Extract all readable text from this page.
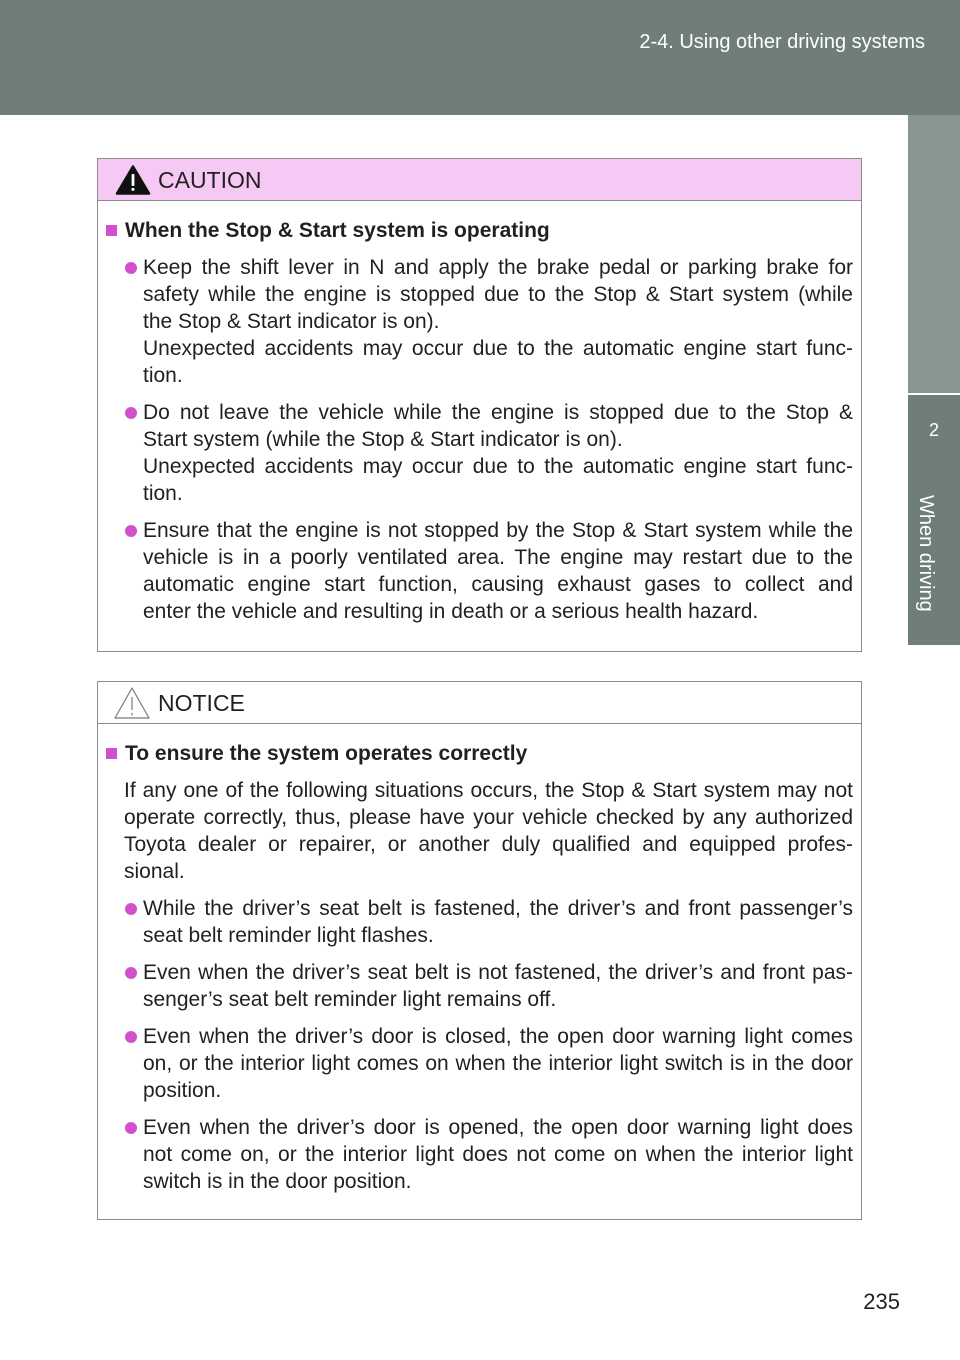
2-4. Using other driving systems
2
When driving
CAUTION
When the Stop & Start system is operating
Keep the shift lever in N and apply the brake pedal or parking brake for
safety while the engine is stopped due to the Stop & Start system (while
the Stop & Start indicator is on).
Unexpected accidents may occur due to the automatic engine start func-
tion.
Do not leave the vehicle while the engine is stopped due to the Stop &
Start system (while the Stop & Start indicator is on).
Unexpected accidents may occur due to the automatic engine start func-
tion.
Ensure that the engine is not stopped by the Stop & Start system while the
vehicle is in a poorly ventilated area. The engine may restart due to the
automatic engine start function, causing exhaust gases to collect and
enter the vehicle and resulting in death or a serious health hazard.
NOTICE
To ensure the system operates correctly
If any one of the following situations occurs, the Stop & Start system may not
operate correctly, thus, please have your vehicle checked by any authorized
Toyota dealer or repairer, or another duly qualified and equipped profes-
sional.
While the driver’s seat belt is fastened, the driver’s and front passenger’s
seat belt reminder light flashes.
Even when the driver’s seat belt is not fastened, the driver’s and front pas-
senger’s seat belt reminder light remains off.
Even when the driver’s door is closed, the open door warning light comes
on, or the interior light comes on when the interior light switch is in the door
position.
Even when the driver’s door is opened, the open door warning light does
not come on, or the interior light does not come on when the interior light
switch is in the door position.
235
